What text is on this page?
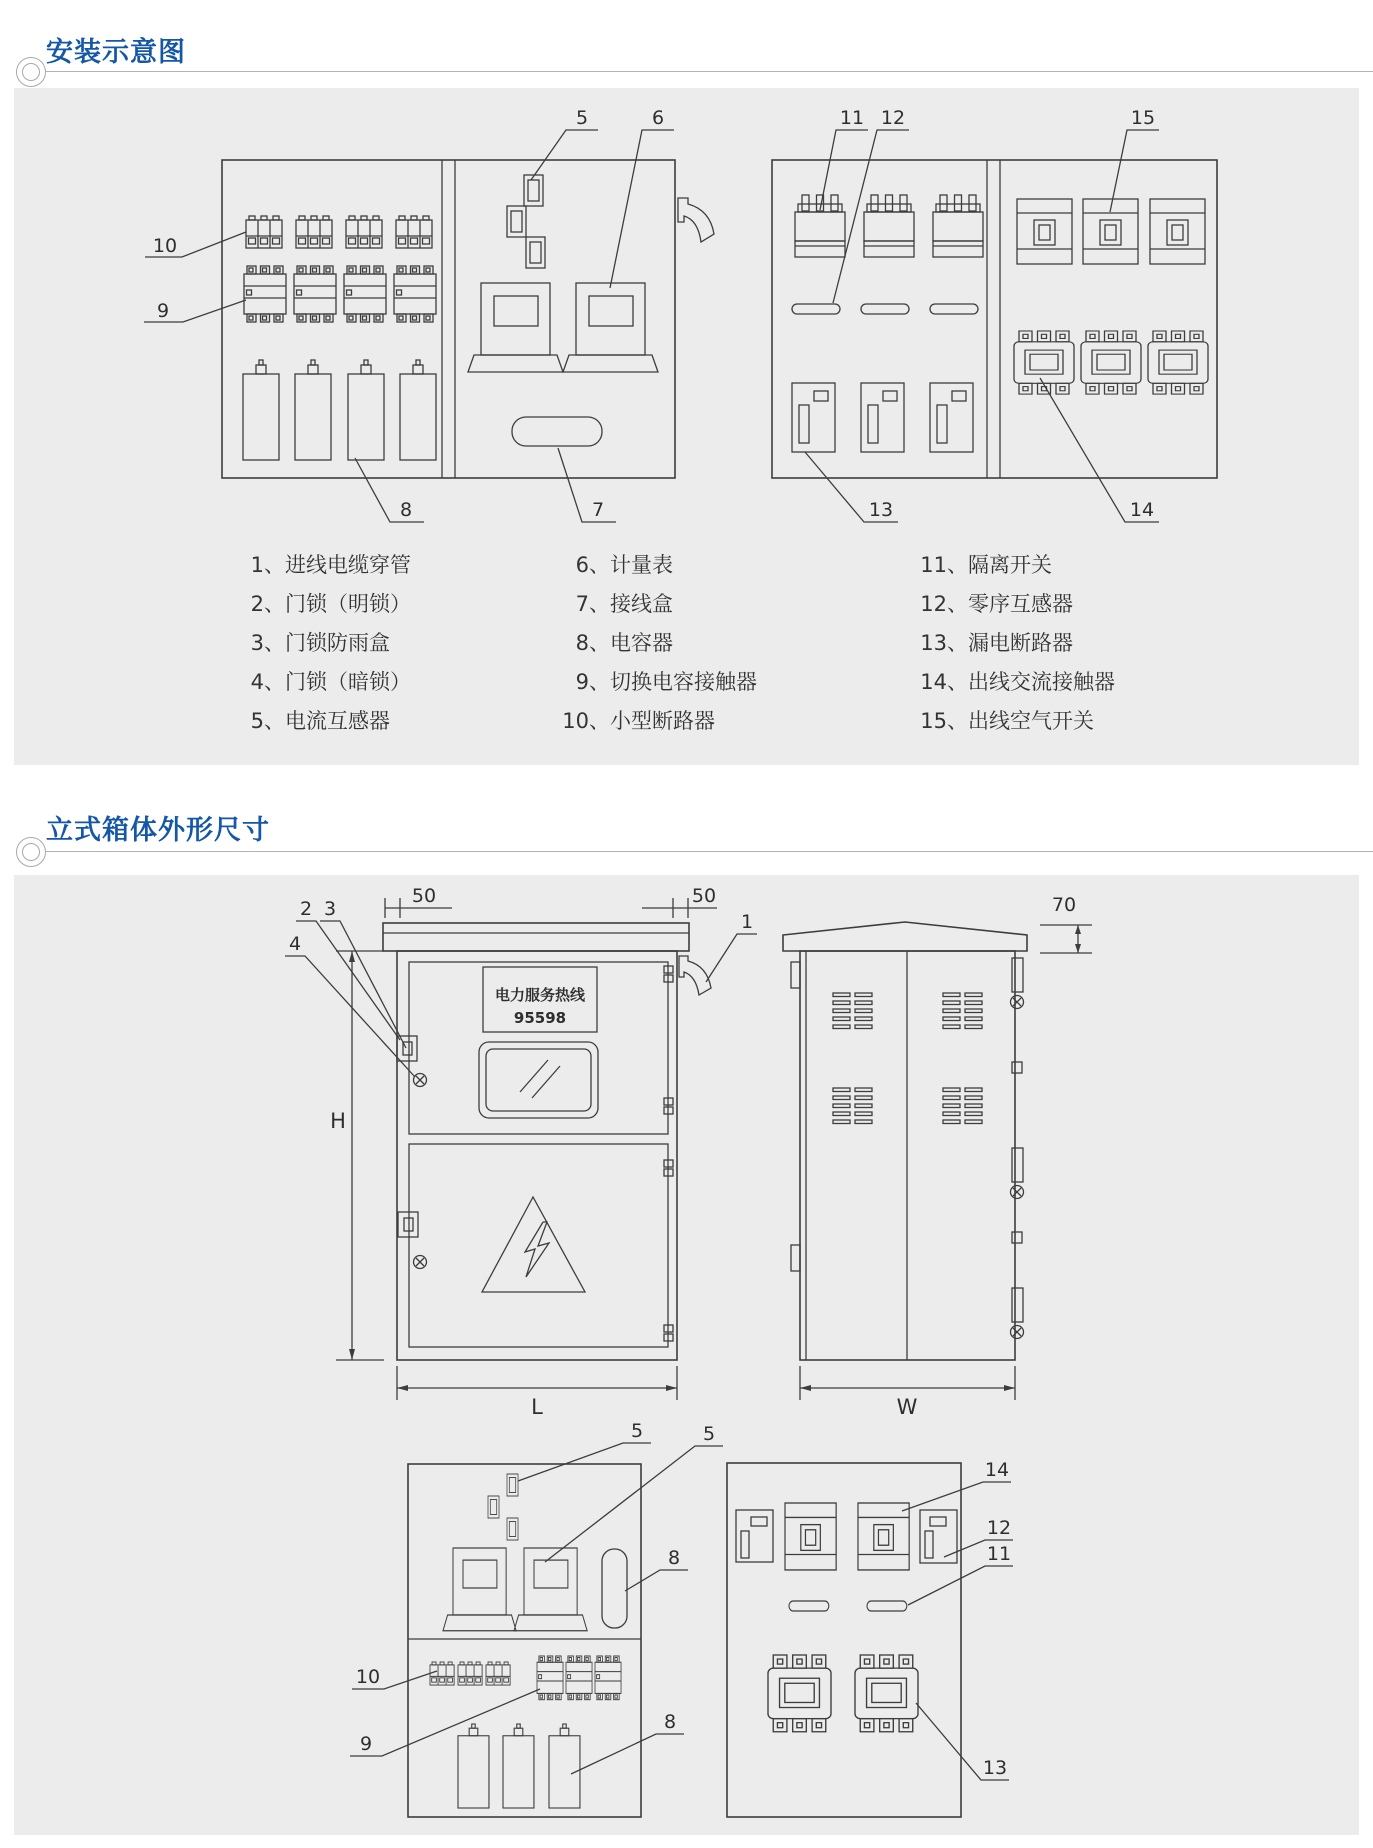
安装示意图
立式箱体外形尺寸
1、 进线电缆穿管
2、 门锁（明锁）
3、 门锁防雨盒
4、 门锁（暗锁）
5、 电流互感器
6、 计量表
7、 接线盒
8、 电容器
9、 切换电容接触器
10、 小型断路器
11、 隔离开关
12、 零序互感器
13、 漏电断路器
14、 出线交流接触器
15、 出线空气开关
10
9
5	6	11 12	15
8	7	13	14
50	50	70
H
L	W
电力服务热线
95598
2 3
4
1
5	5
8
10
9
8
14
12
11
13
